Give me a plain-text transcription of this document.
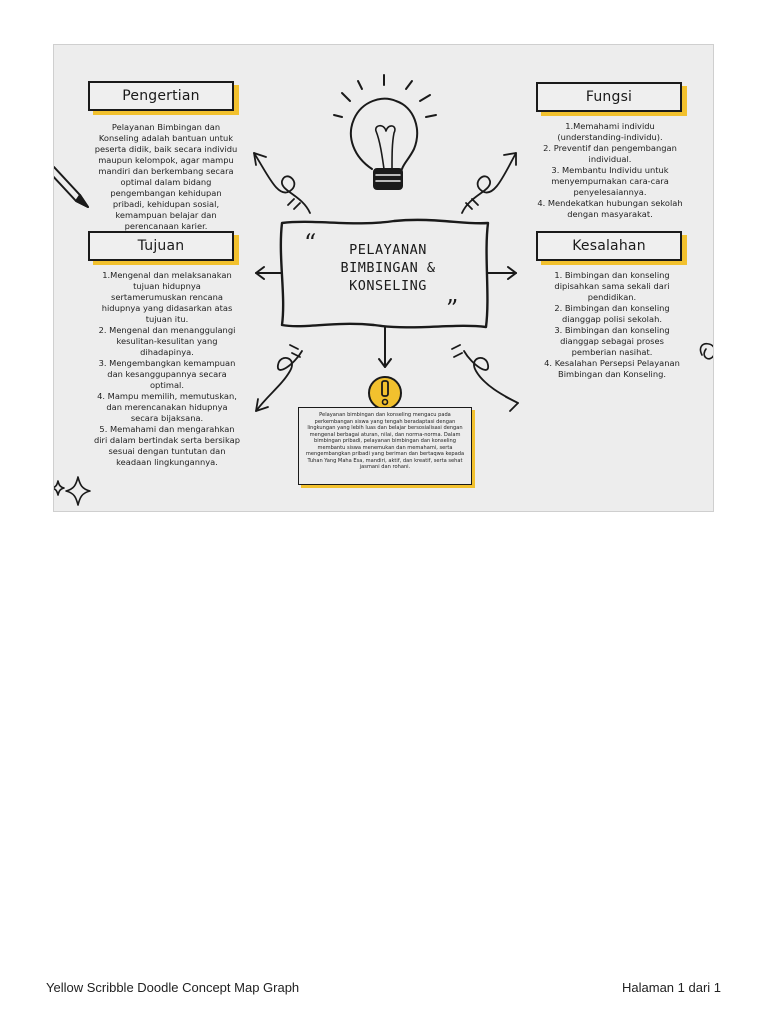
“
”
PELAYANAN
BIMBINGAN &
KONSELING
Pengertian
Pelayanan Bimbingan dan
Konseling adalah bantuan untuk
peserta didik, baik secara individu
maupun kelompok, agar mampu
mandiri dan berkembang secara
optimal dalam bidang
pengembangan kehidupan
pribadi, kehidupan sosial,
kemampuan belajar dan
perencanaan karier.
Fungsi
1.Memahami individu
(understanding-individu).
2. Preventif dan pengembangan
individual.
3. Membantu Individu untuk
menyempurnakan cara-cara
penyelesaiannya.
4. Mendekatkan hubungan sekolah
dengan masyarakat.
Tujuan
1.Mengenal dan melaksanakan
tujuan hidupnya
sertamerumuskan rencana
hidupnya yang didasarkan atas
tujuan itu.
2. Mengenal dan menanggulangi
kesulitan-kesulitan yang
dihadapinya.
3. Mengembangkan kemampuan
dan kesanggupannya secara
optimal.
4. Mampu memilih, memutuskan,
dan merencanakan hidupnya
secara bijaksana.
5. Memahami dan mengarahkan
diri dalam bertindak serta bersikap
sesuai dengan tuntutan dan
keadaan lingkungannya.
Kesalahan
1. Bimbingan dan konseling
dipisahkan sama sekali dari
pendidikan.
2. Bimbingan dan konseling
dianggap polisi sekolah.
3. Bimbingan dan konseling
dianggap sebagai proses
pemberian nasihat.
4. Kesalahan Persepsi Pelayanan
Bimbingan dan Konseling.
Pelayanan bimbingan dan konseling mengacu pada perkembangan siswa yang tengah beradaptasi dengan lingkungan yang lebih luas dan belajar bersosialisasi dengan mengenal berbagai aturan, nilai, dan norma-norma. Dalam bimbingan pribadi, pelayanan bimbingan dan konseling membantu siswa menemukan dan memahami, serta mengembangkan pribadi yang beriman dan bertaqwa kepada Tuhan Yang Maha Esa, mandiri, aktif, dan kreatif, serta sehat jasmani dan rohani.
Yellow Scribble Doodle Concept Map Graph	Halaman 1 dari 1
